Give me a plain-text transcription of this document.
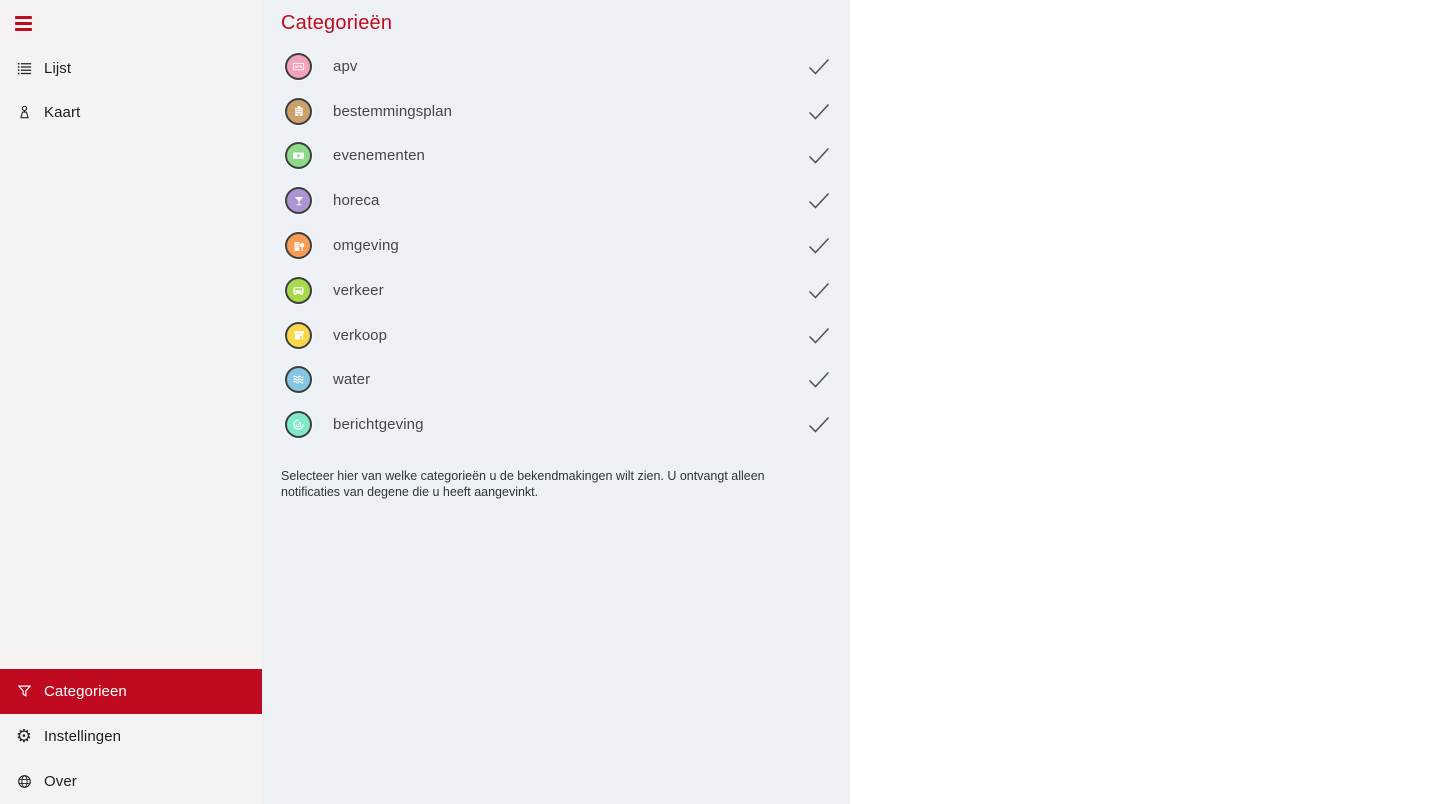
Lijst
Kaart
Categorieen
⚙ Instellingen
Over
Categorieën
APV apv
bestemmingsplan
evenementen
horeca
omgeving
verkeer
verkoop
water
berichtgeving

Selecteer hier van welke categorieën u de bekendmakingen wilt zien. U ontvangt alleen notificaties van degene die u heeft aangevinkt.
